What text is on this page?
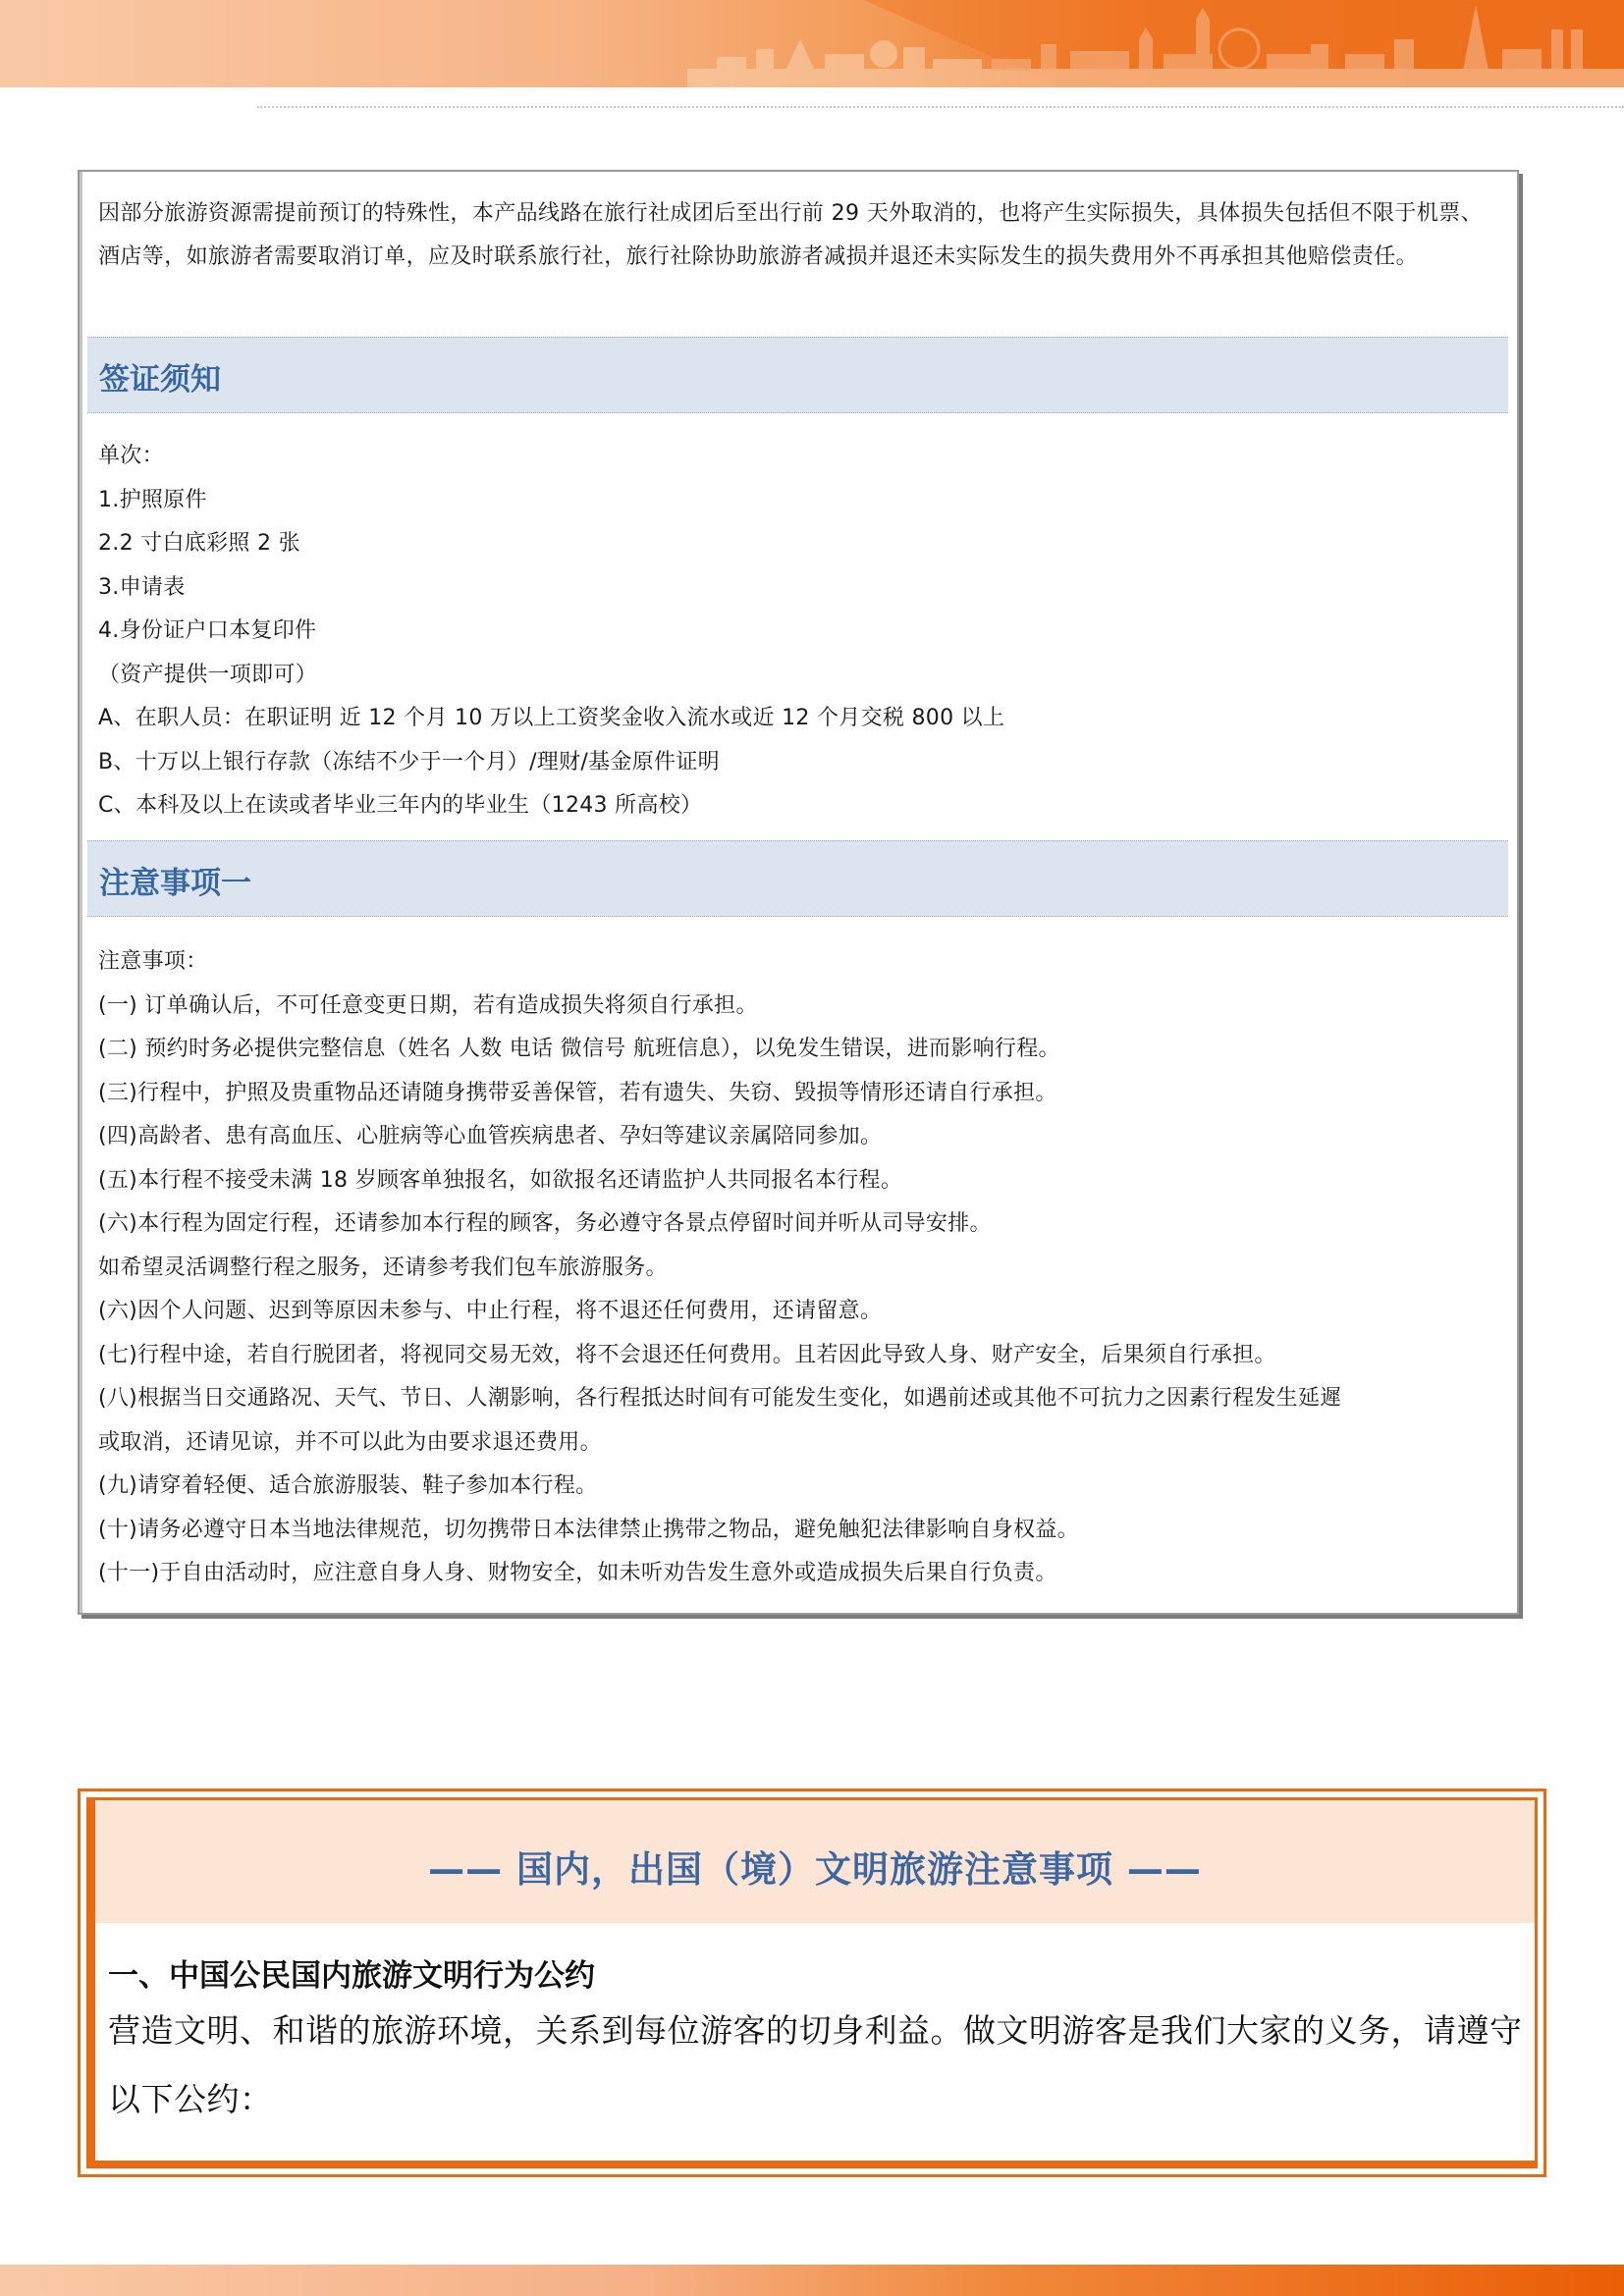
因部分旅游资源需提前预订的特殊性，本产品线路在旅行社成团后至出行前 29 天外取消的，也将产生实际损失，具体损失包括但不限于机票、酒店等，如旅游者需要取消订单，应及时联系旅行社，旅行社除协助旅游者减损并退还未实际发生的损失费用外不再承担其他赔偿责任。
签证须知
单次：
1.护照原件
2.2 寸白底彩照 2 张
3.申请表
4.身份证户口本复印件
（资产提供一项即可）
A、在职人员：在职证明 近 12 个月 10 万以上工资奖金收入流水或近 12 个月交税 800 以上
B、十万以上银行存款（冻结不少于一个月）/理财/基金原件证明
C、本科及以上在读或者毕业三年内的毕业生（1243 所高校）
注意事项一
注意事项：
(一) 订单确认后，不可任意变更日期，若有造成损失将须自行承担。
(二) 预约时务必提供完整信息（姓名 人数 电话 微信号 航班信息），以免发生错误，进而影响行程。
(三)行程中，护照及贵重物品还请随身携带妥善保管，若有遗失、失窃、毁损等情形还请自行承担。
(四)高龄者、患有高血压、心脏病等心血管疾病患者、孕妇等建议亲属陪同参加。
(五)本行程不接受未满 18 岁顾客单独报名，如欲报名还请监护人共同报名本行程。
(六)本行程为固定行程，还请参加本行程的顾客，务必遵守各景点停留时间并听从司导安排。
如希望灵活调整行程之服务，还请参考我们包车旅游服务。
(六)因个人问题、迟到等原因未参与、中止行程，将不退还任何费用，还请留意。
(七)行程中途，若自行脱团者，将视同交易无效，将不会退还任何费用。且若因此导致人身、财产安全，后果须自行承担。
(八)根据当日交通路况、天气、节日、人潮影响，各行程抵达时间有可能发生变化，如遇前述或其他不可抗力之因素行程发生延遲
或取消，还请见谅，并不可以此为由要求退还费用。
(九)请穿着轻便、适合旅游服装、鞋子参加本行程。
(十)请务必遵守日本当地法律规范，切勿携带日本法律禁止携带之物品，避免触犯法律影响自身权益。
(十一)于自由活动时，应注意自身人身、财物安全，如未听劝告发生意外或造成损失后果自行负责。
—— 国内，出国（境）文明旅游注意事项 ——
一、中国公民国内旅游文明行为公约
营造文明、和谐的旅游环境，关系到每位游客的切身利益。做文明游客是我们大家的义务，请遵守以下公约：
